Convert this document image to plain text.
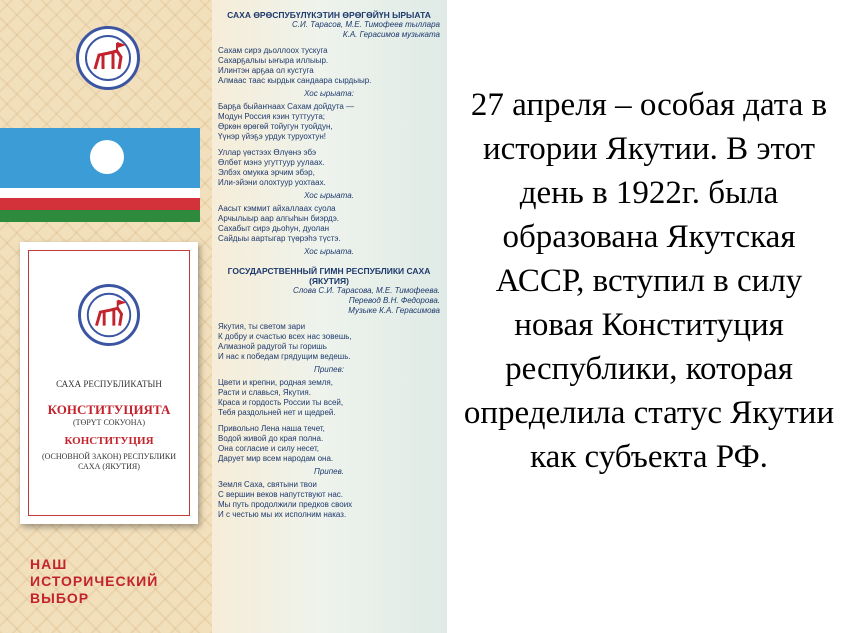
САХА РЕСПУБЛИКАТЫН
КОНСТИТУЦИЯТА
(ТӨРҮТ СОКУОНА)
КОНСТИТУЦИЯ
(ОСНОВНОЙ ЗАКОН) РЕСПУБЛИКИ САХА (ЯКУТИЯ)
НАШ ИСТОРИЧЕСКИЙ ВЫБОР
САХА ӨРӨСПУБҮЛҮКЭТИН ӨРӨГӨЙҮН ЫРЫАТА
С.И. Тарасов, М.Е. Тимофеев тыллара
К.А. Герасимов музыката
Сахам сирэ дьоллоох тускуга
Сахарҕалыы ыҥыра иллыыр.
Илинтэн арҕаа ол кустуга
Алмаас таас кырдык сандаара сырдыыр.
Хос ырыата:
Барҕа быйаҥнаах Сахам дойдута —
Модун Россия кэин туттуута;
Өркөн өрөгөй тойугун туойдун,
Үүнэр үйэҕэ урдук туруохтун!
Уллар үөстээх Өлүөнэ эбэ
Өлбөт мэнэ угуттуур уулаах.
Элбэх омукка эрчим эбэр,
Или-эйэни олохтуур уохтаах.
Хос ырыата.
Аасыт кэммит айхаллаах суола
Арчылыыр аар алгыһын биэрдэ.
Сахабыт сирэ дьоһун, дуолан
Сайдыы аартыгар түөрэһэ түстэ.
Хос ырыата.
ГОСУДАРСТВЕННЫЙ ГИМН РЕСПУБЛИКИ САХА (ЯКУТИЯ)
Слова С.И. Тарасова, М.Е. Тимофеева.
Перевод В.Н. Федорова.
Музыке К.А. Герасимова
Якутия, ты светом зари
К добру и счастью всех нас зовешь,
Алмазной радугой ты горишь
И нас к победам грядущим ведешь.
Припев:
Цвети и крепни, родная земля,
Расти и славься, Якутия.
Краса и гордость России ты всей,
Тебя раздольней нет и щедрей.
Привольно Лена наша течет,
Водой живой до края полна.
Она согласие и силу несет,
Дарует мир всем народам она.
Припев.
Земля Саха, святыни твои
С вершин веков напутствуют нас.
Мы путь продолжили предков своих
И с честью мы их исполним наказ.
27 апреля – особая дата в истории Якутии. В этот день в 1922г. была образована Якутская АССР, вступил в силу новая Конституция республики, которая определила статус Якутии как субъекта РФ.
